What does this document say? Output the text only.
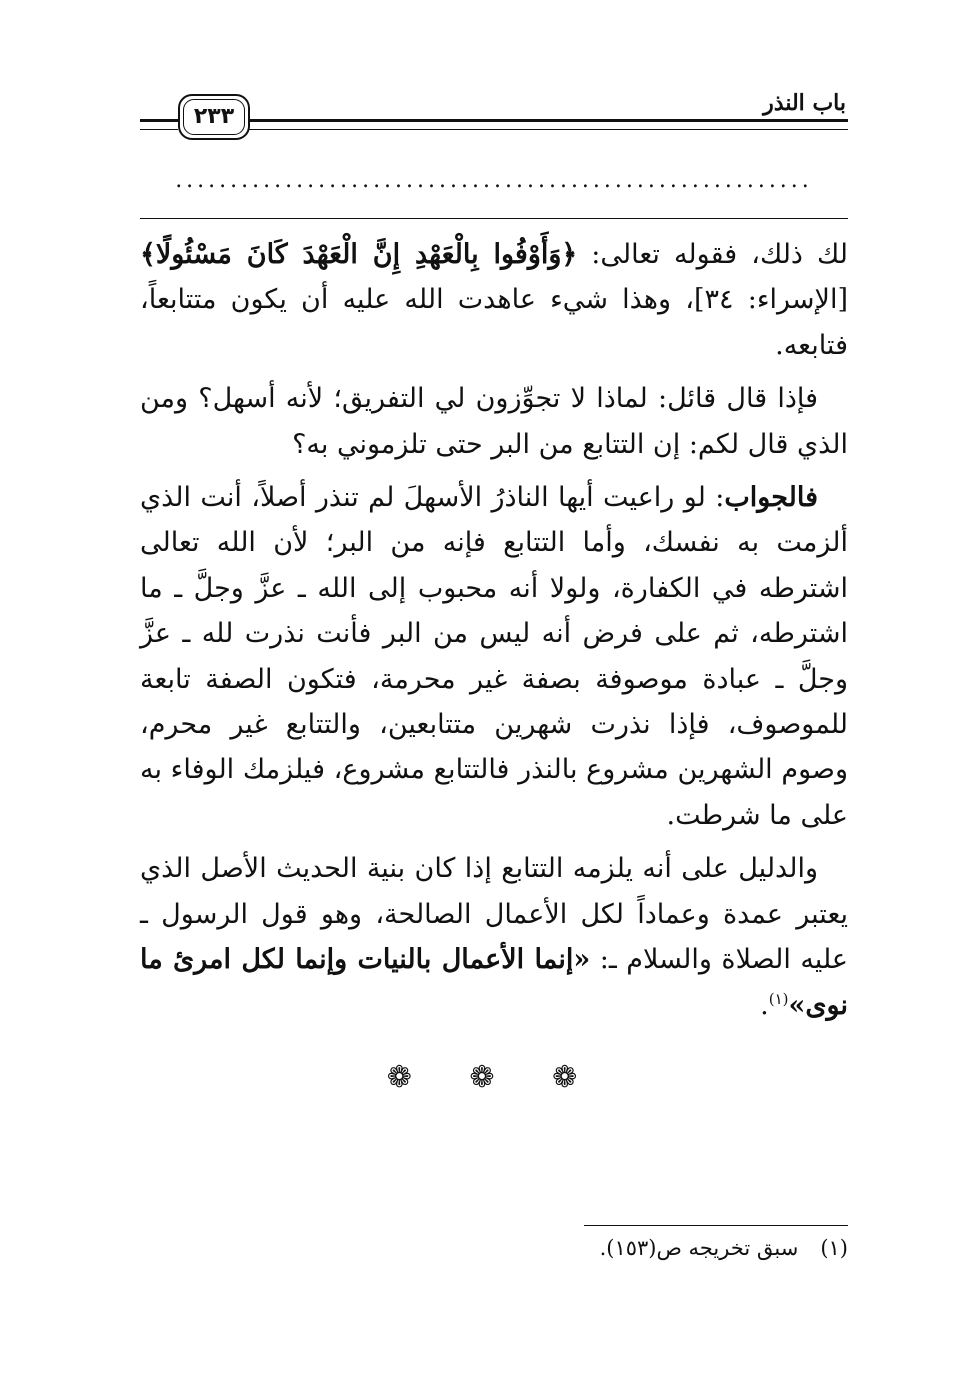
باب النذر
٢٣٣
..........................................................

لك ذلك، فقوله تعالى: ﴿وَأَوْفُوا بِالْعَهْدِ إِنَّ الْعَهْدَ كَانَ مَسْئُولًا﴾ [الإسراء: ٣٤]، وهذا شيء عاهدت الله عليه أن يكون متتابعاً، فتابعه.

فإذا قال قائل: لماذا لا تجوِّزون لي التفريق؛ لأنه أسهل؟ ومن الذي قال لكم: إن التتابع من البر حتى تلزموني به؟

فالجواب: لو راعيت أيها الناذرُ الأسهلَ لم تنذر أصلاً، أنت الذي ألزمت به نفسك، وأما التتابع فإنه من البر؛ لأن الله تعالى اشترطه في الكفارة، ولولا أنه محبوب إلى الله ـ عزَّ وجلَّ ـ ما اشترطه، ثم على فرض أنه ليس من البر فأنت نذرت لله ـ عزَّ وجلَّ ـ عبادة موصوفة بصفة غير محرمة، فتكون الصفة تابعة للموصوف، فإذا نذرت شهرين متتابعين، والتتابع غير محرم، وصوم الشهرين مشروع بالنذر فالتتابع مشروع، فيلزمك الوفاء به على ما شرطت.

والدليل على أنه يلزمه التتابع إذا كان بنية الحديث الأصل الذي يعتبر عمدة وعماداً لكل الأعمال الصالحة، وهو قول الرسول ـ عليه الصلاة والسلام ـ: «إنما الأعمال بالنيات وإنما لكل امرئ ما نوى»$^{(١)}$.

❁ ❁ ❁
(١)سبق تخريجه ص(١٥٣).
